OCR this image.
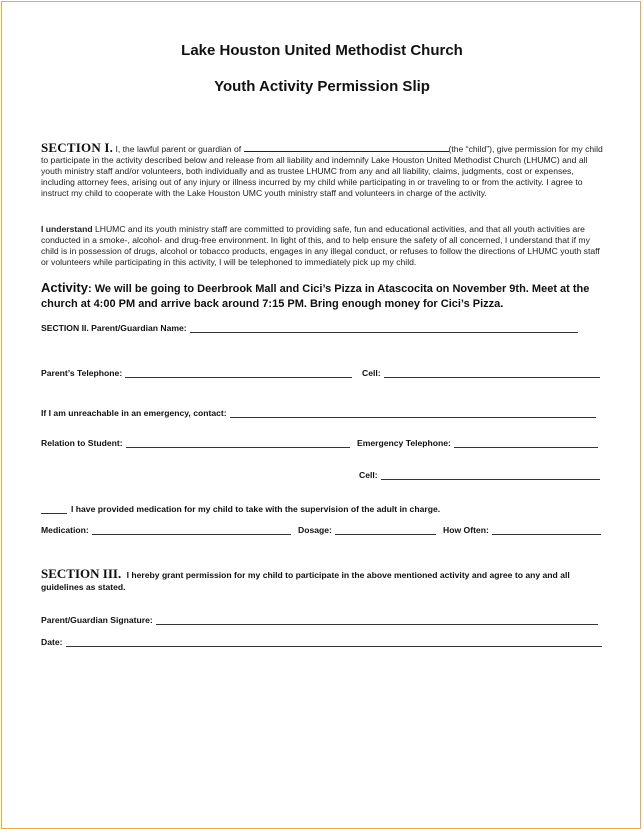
Lake Houston United Methodist Church
Youth Activity Permission Slip
SECTION I. I, the lawful parent or guardian of	(the “child”), give permission for my child to participate in the activity described below and release from all liability and indemnify Lake Houston United Methodist Church (LHUMC) and all youth ministry staff and/or volunteers, both individually and as trustee LHUMC from any and all liability, claims, judgments, cost or expenses, including attorney fees, arising out of any injury or illness incurred by my child while participating in or traveling to or from the activity. I agree to instruct my child to cooperate with the Lake Houston UMC youth ministry staff and volunteers in charge of the activity.
I understand LHUMC and its youth ministry staff are committed to providing safe, fun and educational activities, and that all youth activities are conducted in a smoke-, alcohol- and drug-free environment. In light of this, and to help ensure the safety of all concerned, I understand that if my child is in possession of drugs, alcohol or tobacco products, engages in any illegal conduct, or refuses to follow the directions of LHUMC youth staff or volunteers while participating in this activity, I will be telephoned to immediately pick up my child.
Activity: We will be going to Deerbrook Mall and Cici’s Pizza in Atascocita on November 9th. Meet at the church at 4:00 PM and arrive back around 7:15 PM. Bring enough money for Cici’s Pizza.
SECTION II. Parent/Guardian Name:
Parent’s Telephone:	Cell:
If I am unreachable in an emergency, contact:
Relation to Student:	Emergency Telephone:
Cell:
I have provided medication for my child to take with the supervision of the adult in charge.
Medication:	Dosage:	How Often:
SECTION III. I hereby grant permission for my child to participate in the above mentioned activity and agree to any and all guidelines as stated.
Parent/Guardian Signature:
Date:
